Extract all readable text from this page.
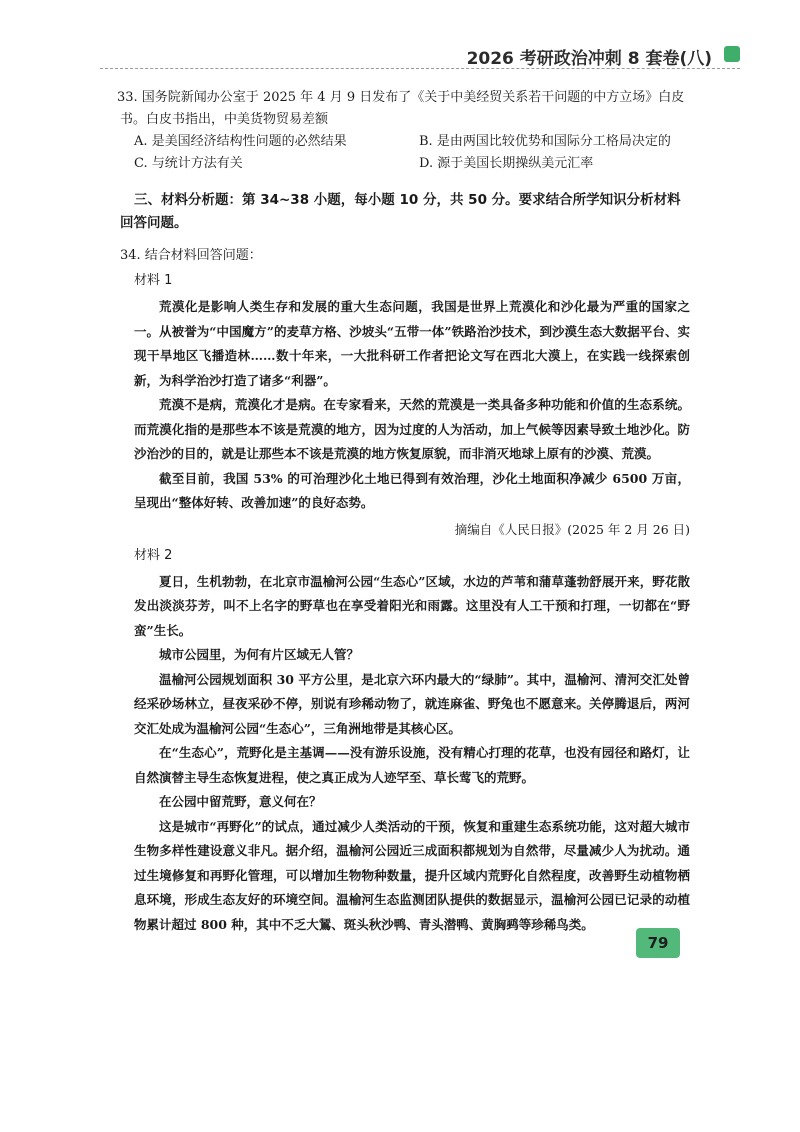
2026 考研政治冲刺 8 套卷(八)

33. 国务院新闻办公室于 2025 年 4 月 9 日发布了《关于中美经贸关系若干问题的中方立场》白皮书。白皮书指出，中美货物贸易差额

A. 是美国经济结构性问题的必然结果	B. 是由两国比较优势和国际分工格局决定的
C. 与统计方法有关	D. 源于美国长期操纵美元汇率

三、材料分析题：第 34~38 小题，每小题 10 分，共 50 分。要求结合所学知识分析材料回答问题。

34. 结合材料回答问题：

材料 1

荒漠化是影响人类生存和发展的重大生态问题，我国是世界上荒漠化和沙化最为严重的国家之一。从被誉为“中国魔方”的麦草方格、沙坡头“五带一体”铁路治沙技术，到沙漠生态大数据平台、实现干旱地区飞播造林……数十年来，一大批科研工作者把论文写在西北大漠上，在实践一线探索创新，为科学治沙打造了诸多“利器”。

荒漠不是病，荒漠化才是病。在专家看来，天然的荒漠是一类具备多种功能和价值的生态系统。而荒漠化指的是那些本不该是荒漠的地方，因为过度的人为活动，加上气候等因素导致土地沙化。防沙治沙的目的，就是让那些本不该是荒漠的地方恢复原貌，而非消灭地球上原有的沙漠、荒漠。

截至目前，我国 53% 的可治理沙化土地已得到有效治理，沙化土地面积净减少 6500 万亩，呈现出“整体好转、改善加速”的良好态势。

摘编自《人民日报》(2025 年 2 月 26 日)

材料 2

夏日，生机勃勃，在北京市温榆河公园“生态心”区域，水边的芦苇和蒲草蓬勃舒展开来，野花散发出淡淡芬芳，叫不上名字的野草也在享受着阳光和雨露。这里没有人工干预和打理，一切都在“野蛮”生长。

城市公园里，为何有片区域无人管？

温榆河公园规划面积 30 平方公里，是北京六环内最大的“绿肺”。其中，温榆河、清河交汇处曾经采砂场林立，昼夜采砂不停，别说有珍稀动物了，就连麻雀、野兔也不愿意来。关停腾退后，两河交汇处成为温榆河公园“生态心”，三角洲地带是其核心区。

在“生态心”，荒野化是主基调——没有游乐设施，没有精心打理的花草，也没有园径和路灯，让自然演替主导生态恢复进程，使之真正成为人迹罕至、草长莺飞的荒野。

在公园中留荒野，意义何在？

这是城市“再野化”的试点，通过减少人类活动的干预，恢复和重建生态系统功能，这对超大城市生物多样性建设意义非凡。据介绍，温榆河公园近三成面积都规划为自然带，尽量减少人为扰动。通过生境修复和再野化管理，可以增加生物物种数量，提升区域内荒野化自然程度，改善野生动植物栖息环境，形成生态友好的环境空间。温榆河生态监测团队提供的数据显示，温榆河公园已记录的动植物累计超过 800 种，其中不乏大鵟、斑头秋沙鸭、青头潜鸭、黄胸鹀等珍稀鸟类。

79
